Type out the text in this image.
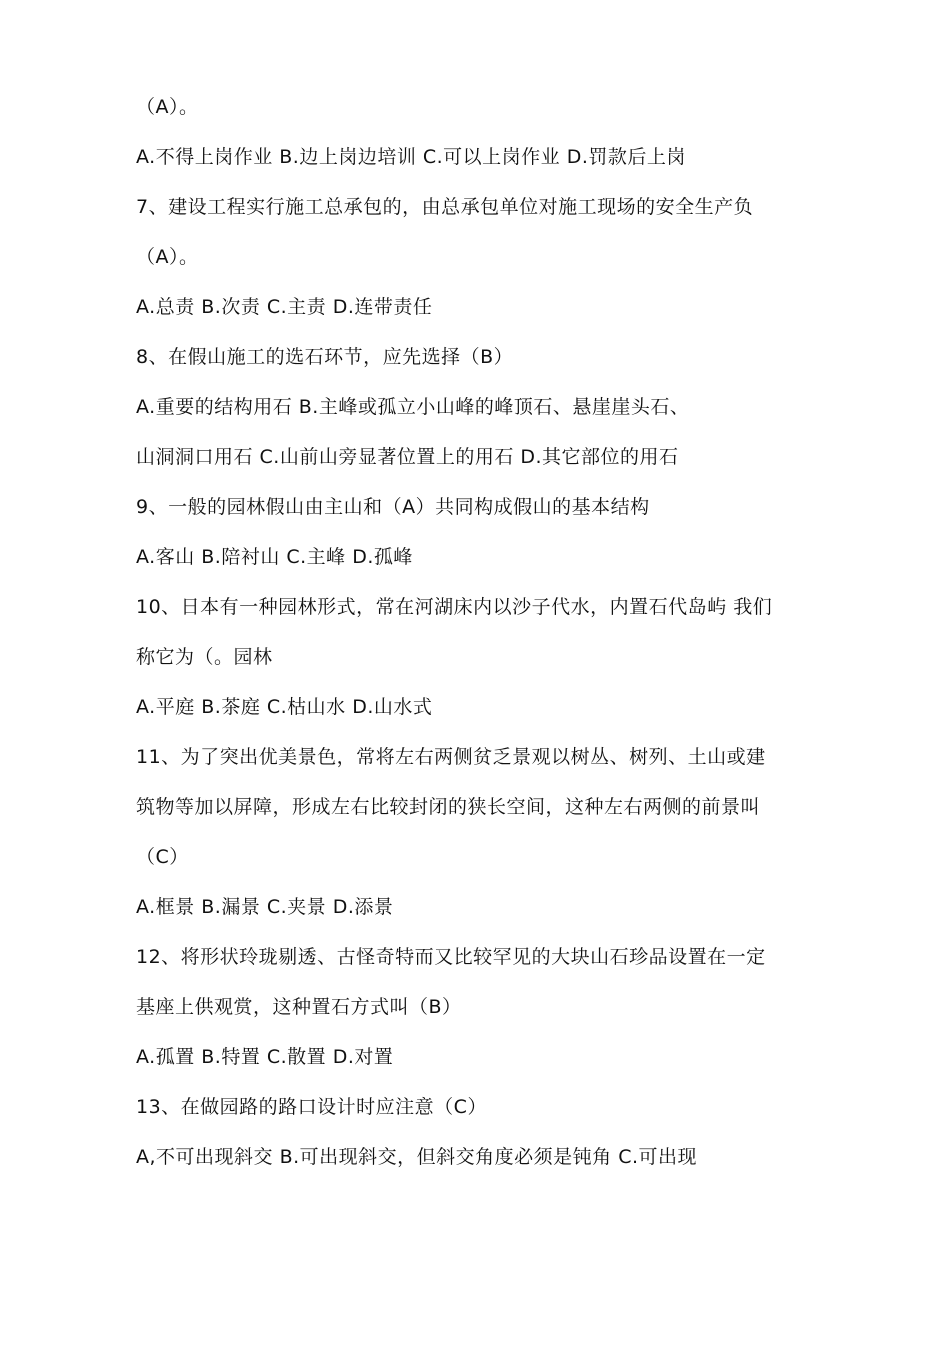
（A）。
A.不得上岗作业 B.边上岗边培训 C.可以上岗作业 D.罚款后上岗
7、建设工程实行施工总承包的，由总承包单位对施工现场的安全生产负
（A）。
A.总责 B.次责 C.主责 D.连带责任
8、在假山施工的选石环节，应先选择（B）
A.重要的结构用石 B.主峰或孤立小山峰的峰顶石、悬崖崖头石、
山洞洞口用石 C.山前山旁显著位置上的用石 D.其它部位的用石
9、一般的园林假山由主山和（A）共同构成假山的基本结构
A.客山 B.陪衬山 C.主峰 D.孤峰
10、日本有一种园林形式，常在河湖床内以沙子代水，内置石代岛屿 我们
称它为（。园林
A.平庭 B.茶庭 C.枯山水 D.山水式
11、为了突出优美景色，常将左右两侧贫乏景观以树丛、树列、土山或建
筑物等加以屏障，形成左右比较封闭的狭长空间，这种左右两侧的前景叫
（C）
A.框景 B.漏景 C.夹景 D.添景
12、将形状玲珑剔透、古怪奇特而又比较罕见的大块山石珍品设置在一定
基座上供观赏，这种置石方式叫（B）
A.孤置 B.特置 C.散置 D.对置
13、在做园路的路口设计时应注意（C）
A,不可出现斜交 B.可出现斜交，但斜交角度必须是钝角 C.可出现
